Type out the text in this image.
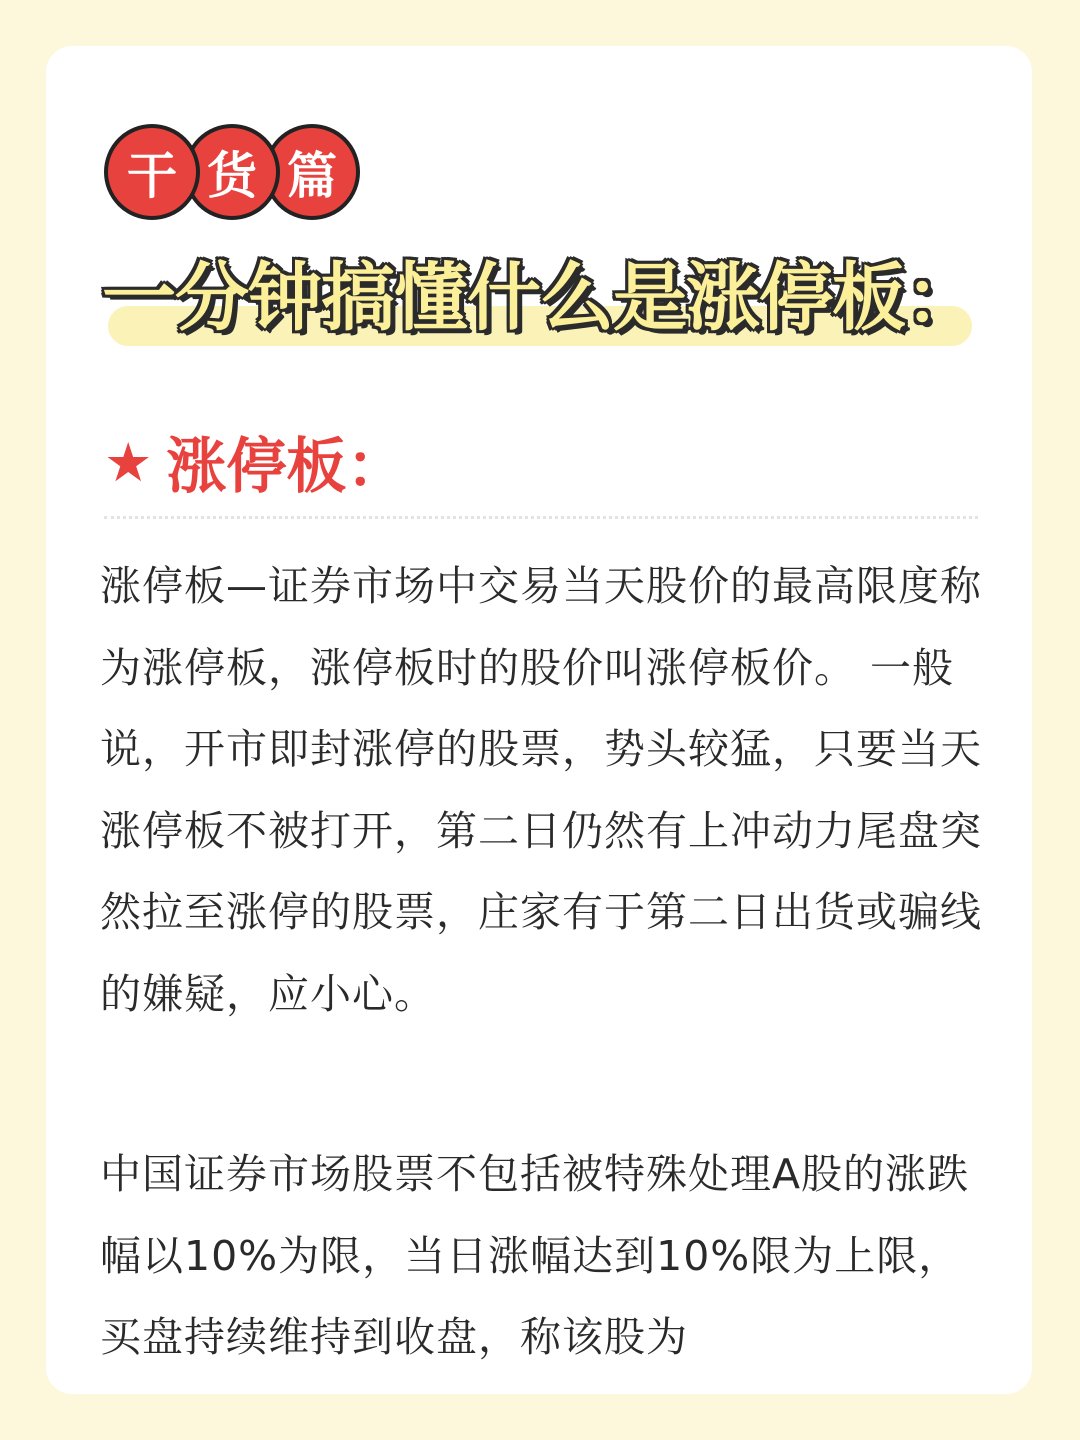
干 货 篇
一分钟搞懂什么是涨停板：
★ 涨停板：

涨停板—证券市场中交易当天股价的最高限度称为涨停板，涨停板时的股价叫涨停板价。 一般说，开市即封涨停的股票，势头较猛，只要当天涨停板不被打开，第二日仍然有上冲动力尾盘突然拉至涨停的股票，庄家有于第二日出货或骗线的嫌疑，应小心。

中国证券市场股票不包括被特殊处理A股的涨跌幅以10%为限，当日涨幅达到10%限为上限，买盘持续维持到收盘，称该股为
